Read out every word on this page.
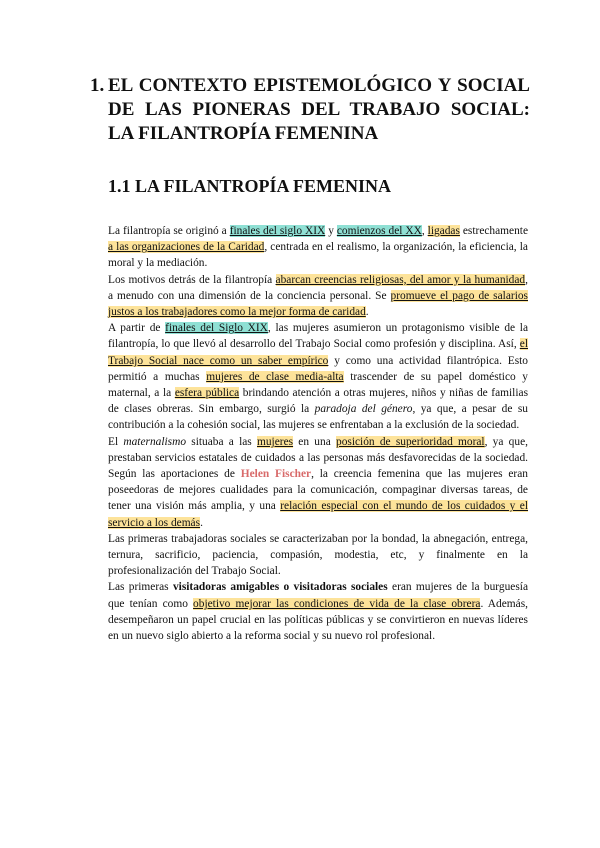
1. EL CONTEXTO EPISTEMOLÓGICO Y SOCIAL DE LAS PIONERAS DEL TRABAJO SOCIAL: LA FILANTROPÍA FEMENINA
1.1 LA FILANTROPÍA FEMENINA

La filantropía se originó a finales del siglo XIX y comienzos del XX, ligadas estrechamente a las organizaciones de la Caridad, centrada en el realismo, la organización, la eficiencia, la moral y la mediación.

Los motivos detrás de la filantropía abarcan creencias religiosas, del amor y la humanidad, a menudo con una dimensión de la conciencia personal. Se promueve el pago de salarios justos a los trabajadores como la mejor forma de caridad.

A partir de finales del Siglo XIX, las mujeres asumieron un protagonismo visible de la filantropía, lo que llevó al desarrollo del Trabajo Social como profesión y disciplina. Así, el Trabajo Social nace como un saber empírico y como una actividad filantrópica. Esto permitió a muchas mujeres de clase media-alta trascender de su papel doméstico y maternal, a la esfera pública brindando atención a otras mujeres, niños y niñas de familias de clases obreras. Sin embargo, surgió la paradoja del género, ya que, a pesar de su contribución a la cohesión social, las mujeres se enfrentaban a la exclusión de la sociedad.

El maternalismo situaba a las mujeres en una posición de superioridad moral, ya que, prestaban servicios estatales de cuidados a las personas más desfavorecidas de la sociedad. Según las aportaciones de Helen Fischer, la creencia femenina que las mujeres eran poseedoras de mejores cualidades para la comunicación, compaginar diversas tareas, de tener una visión más amplia, y una relación especial con el mundo de los cuidados y el servicio a los demás.

Las primeras trabajadoras sociales se caracterizaban por la bondad, la abnegación, entrega, ternura, sacrificio, paciencia, compasión, modestia, etc, y finalmente en la profesionalización del Trabajo Social.

Las primeras visitadoras amigables o visitadoras sociales eran mujeres de la burguesía que tenían como objetivo mejorar las condiciones de vida de la clase obrera. Además, desempeñaron un papel crucial en las políticas públicas y se convirtieron en nuevas líderes en un nuevo siglo abierto a la reforma social y su nuevo rol profesional.
